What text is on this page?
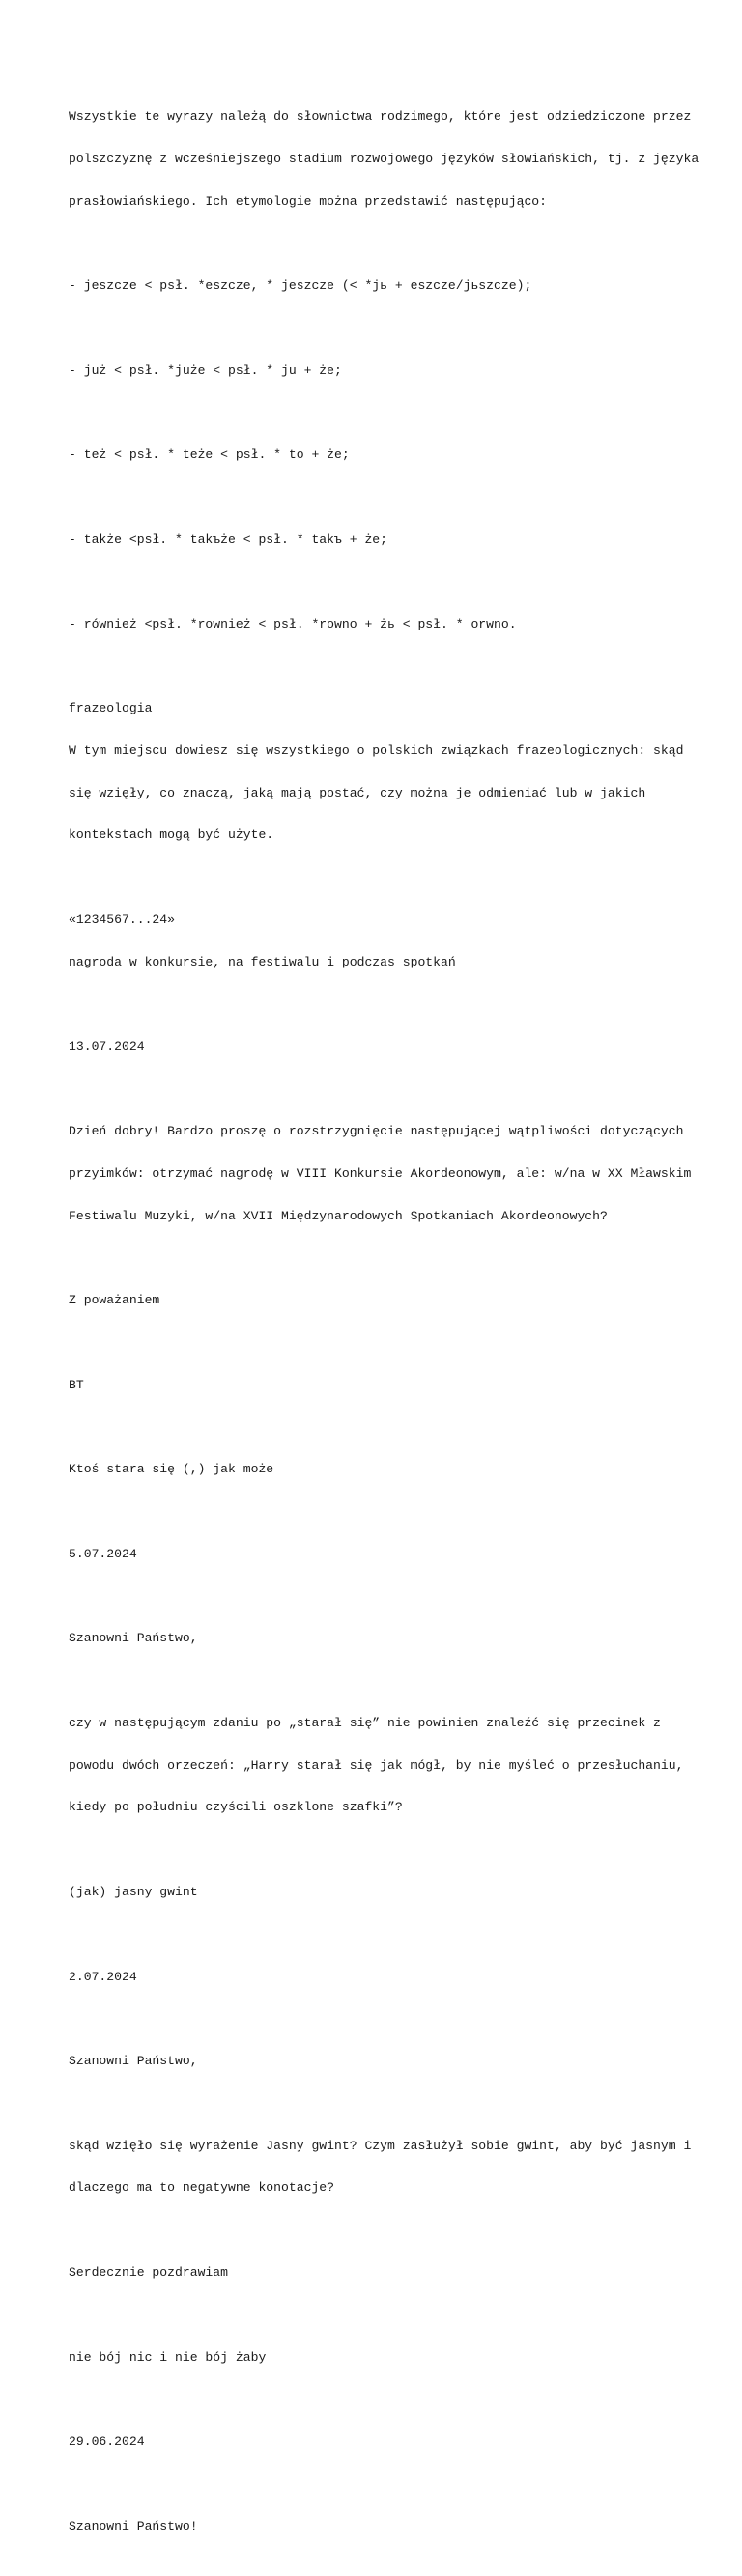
Wszystkie te wyrazy należą do słownictwa rodzimego, które jest odziedziczone przez

polszczyznę z wcześniejszego stadium rozwojowego języków słowiańskich, tj. z języka

prasłowiańskiego. Ich etymologie można przedstawić następująco:

- jeszcze < psł. *eszcze, * jeszcze (< *jь + eszcze/jьszcze);

- już < psł. *juże < psł. * ju + że;

- też < psł. * teże < psł. * to + że;

- także <psł. * takъże < psł. * takъ + że;

- również <psł. *rownież < psł. *rowno + żь < psł. * orwno.

frazeologia

W tym miejscu dowiesz się wszystkiego o polskich związkach frazeologicznych: skąd

się wzięły, co znaczą, jaką mają postać, czy można je odmieniać lub w jakich

kontekstach mogą być użyte.

«1234567...24»

nagroda w konkursie, na festiwalu i podczas spotkań

13.07.2024

Dzień dobry! Bardzo proszę o rozstrzygnięcie następującej wątpliwości dotyczących

przyimków: otrzymać nagrodę w VIII Konkursie Akordeonowym, ale: w/na w XX Mławskim

Festiwalu Muzyki, w/na XVII Międzynarodowych Spotkaniach Akordeonowych?

Z poważaniem

BT

Ktoś stara się (,) jak może

5.07.2024

Szanowni Państwo,

czy w następującym zdaniu po „starał się” nie powinien znaleźć się przecinek z

powodu dwóch orzeczeń: „Harry starał się jak mógł, by nie myśleć o przesłuchaniu,

kiedy po południu czyścili oszklone szafki”?

(jak) jasny gwint

2.07.2024

Szanowni Państwo,

skąd wzięło się wyrażenie Jasny gwint? Czym zasłużył sobie gwint, aby być jasnym i

dlaczego ma to negatywne konotacje?

Serdecznie pozdrawiam

nie bój nic i nie bój żaby

29.06.2024

Szanowni Państwo!
